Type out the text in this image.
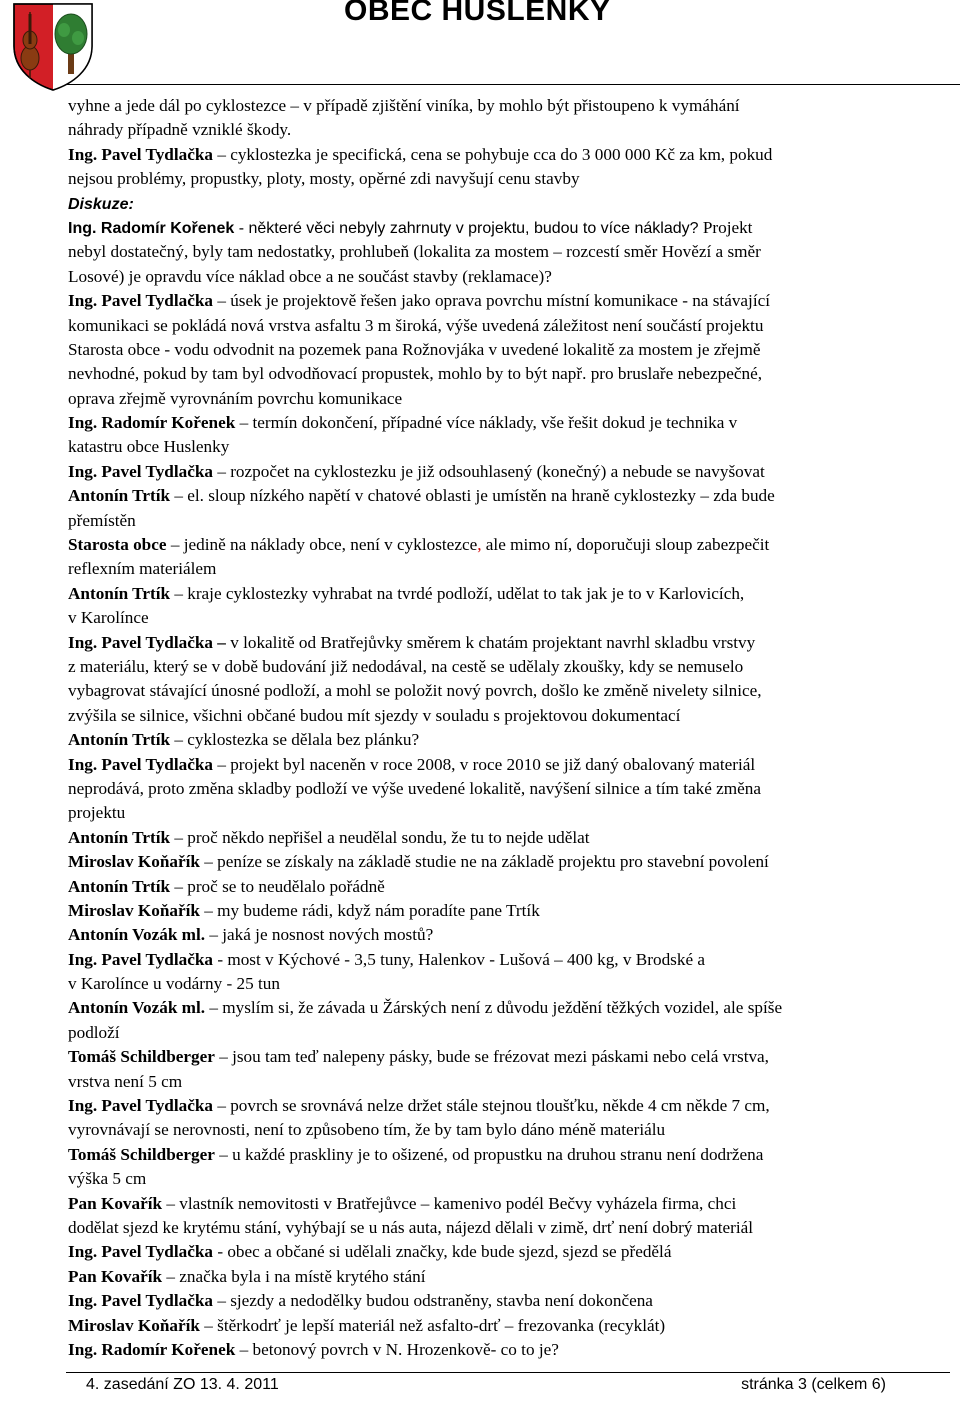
OBEC HUSLENKY
vyhne a jede dál po cyklostezce – v případě zjištění viníka, by mohlo být přistoupeno k vymáhání
náhrady případně vzniklé škody.
Ing. Pavel Tydlačka – cyklostezka je specifická, cena se pohybuje cca do 3 000 000 Kč za km, pokud
nejsou problémy, propustky, ploty, mosty, opěrné zdi navyšují cenu stavby
Diskuze:
Ing. Radomír Kořenek - některé věci nebyly zahrnuty v projektu, budou to více náklady? Projekt
nebyl dostatečný, byly tam nedostatky, prohlubeň (lokalita za mostem – rozcestí směr Hovězí a směr
Losové) je opravdu více náklad obce a ne součást stavby (reklamace)?
Ing. Pavel Tydlačka – úsek je projektově řešen jako oprava povrchu místní komunikace - na stávající
komunikaci se pokládá nová vrstva asfaltu 3 m široká, výše uvedená záležitost není součástí projektu
Starosta obce - vodu odvodnit na pozemek pana Rožnovjáka v uvedené lokalitě za mostem je zřejmě
nevhodné, pokud by tam byl odvodňovací propustek, mohlo by to být např. pro bruslaře nebezpečné,
oprava zřejmě vyrovnáním povrchu komunikace
Ing. Radomír Kořenek – termín dokončení, případné více náklady, vše řešit dokud je technika v
katastru obce Huslenky
Ing. Pavel Tydlačka – rozpočet na cyklostezku je již odsouhlasený (konečný) a nebude se navyšovat
Antonín Trtík – el. sloup nízkého napětí v chatové oblasti je umístěn na hraně cyklostezky – zda bude
přemístěn
Starosta obce – jedině na náklady obce, není v cyklostezce, ale mimo ní, doporučuji sloup zabezpečit
reflexním materiálem
Antonín Trtík – kraje cyklostezky vyhrabat na tvrdé podloží, udělat to tak jak je to v Karlovicích,
v Karolínce
Ing. Pavel Tydlačka – v lokalitě od Bratřejůvky směrem k chatám projektant navrhl skladbu vrstvy
z materiálu, který se v době budování již nedodával, na cestě se udělaly zkoušky, kdy se nemuselo
vybagrovat stávající únosné podloží, a mohl se položit nový povrch, došlo ke změně nivelety silnice,
zvýšila se silnice, všichni občané budou mít sjezdy v souladu s projektovou dokumentací
Antonín Trtík – cyklostezka se dělala bez plánku?
Ing. Pavel Tydlačka – projekt byl naceněn v roce 2008, v roce 2010 se již daný obalovaný materiál
neprodává, proto změna skladby podloží ve výše uvedené lokalitě, navýšení silnice a tím také změna
projektu
Antonín Trtík – proč někdo nepřišel a neudělal sondu, že tu to nejde udělat
Miroslav Koňařík – peníze se získaly na základě studie ne na základě projektu pro stavební povolení
Antonín Trtík – proč se to neudělalo pořádně
Miroslav Koňařík – my budeme rádi, když nám poradíte pane Trtík
Antonín Vozák ml. – jaká je nosnost nových mostů?
Ing. Pavel Tydlačka - most v Kýchové - 3,5 tuny, Halenkov - Lušová – 400 kg, v Brodské a
v Karolínce u vodárny - 25 tun
Antonín Vozák ml. – myslím si, že závada u Žárských není z důvodu ježdění těžkých vozidel, ale spíše
podloží
Tomáš Schildberger – jsou tam teď nalepeny pásky, bude se frézovat mezi páskami nebo celá vrstva,
vrstva není 5 cm
Ing. Pavel Tydlačka – povrch se srovnává nelze držet stále stejnou tloušťku, někde 4 cm někde 7 cm,
vyrovnávají se nerovnosti, není to způsobeno tím, že by tam bylo dáno méně materiálu
Tomáš Schildberger – u každé praskliny je to ošizené, od propustku na druhou stranu není dodržena
výška 5 cm
Pan Kovařík – vlastník nemovitosti v Bratřejůvce – kamenivo podél Bečvy vyházela firma, chci
dodělat sjezd ke krytému stání, vyhýbají se u nás auta, nájezd dělali v zimě, drť není dobrý materiál
Ing. Pavel Tydlačka - obec a občané si udělali značky, kde bude sjezd, sjezd se předělá
Pan Kovařík – značka byla i na místě krytého stání
Ing. Pavel Tydlačka – sjezdy a nedodělky budou odstraněny, stavba není dokončena
Miroslav Koňařík – štěrkodrť je lepší materiál než asfalto-drť – frezovanka (recyklát)
Ing. Radomír Kořenek – betonový povrch v N. Hrozenkově- co to je?
4. zasedání ZO 13. 4. 2011	stránka 3 (celkem 6)
